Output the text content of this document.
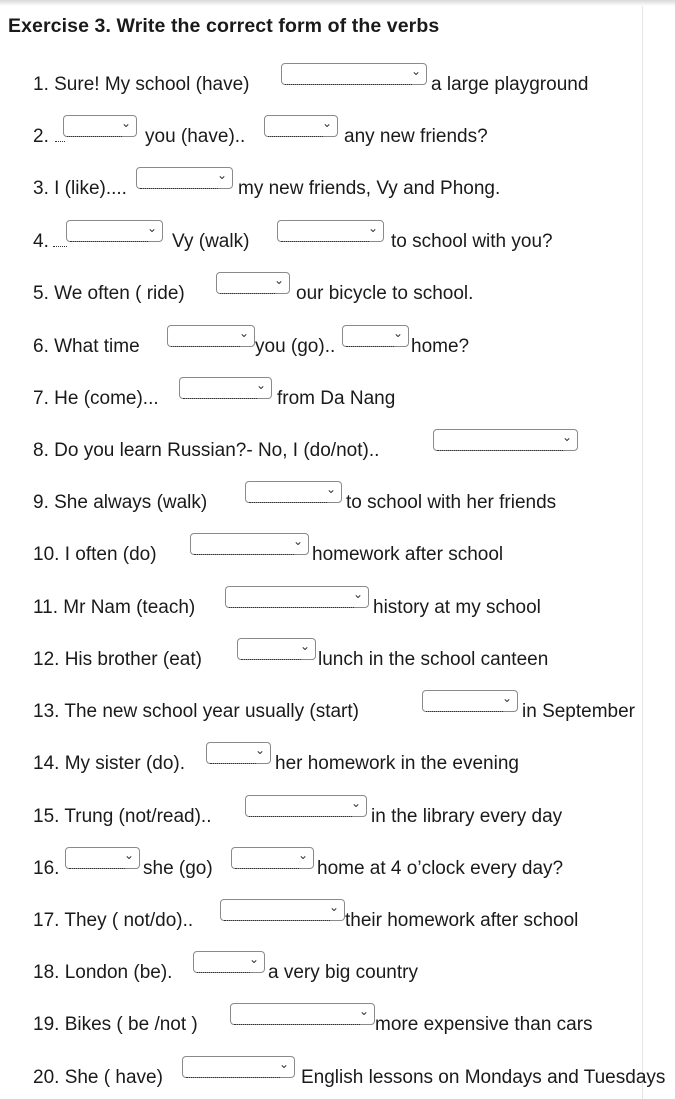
Exercise 3. Write the correct form of the verbs
1. Sure! My school (have)
⌄
a large playground
2.
⌄
you (have)..
⌄
any new friends?
3. I (like)....
⌄
my new friends, Vy and Phong.
4.
⌄
Vy (walk)
⌄
to school with you?
5. We often ( ride)
⌄
our bicycle to school.
6. What time
⌄
you (go)..
⌄
home?
7. He (come)...
⌄
from Da Nang
8. Do you learn Russian?- No, I (do/not)..
⌄
9. She always (walk)
⌄
to school with her friends
10. I often (do)
⌄
homework after school
11. Mr Nam (teach)
⌄
history at my school
12. His brother (eat)
⌄
lunch in the school canteen
13. The new school year usually (start)
⌄
in September
14. My sister (do).
⌄
her homework in the evening
15. Trung (not/read)..
⌄
in the library every day
16.
⌄
she (go)
⌄
home at 4 o’clock every day?
17. They ( not/do)..
⌄
their homework after school
18. London (be).
⌄
a very big country
19. Bikes ( be /not )
⌄
more expensive than cars
20. She ( have)
⌄
English lessons on Mondays and Tuesdays
